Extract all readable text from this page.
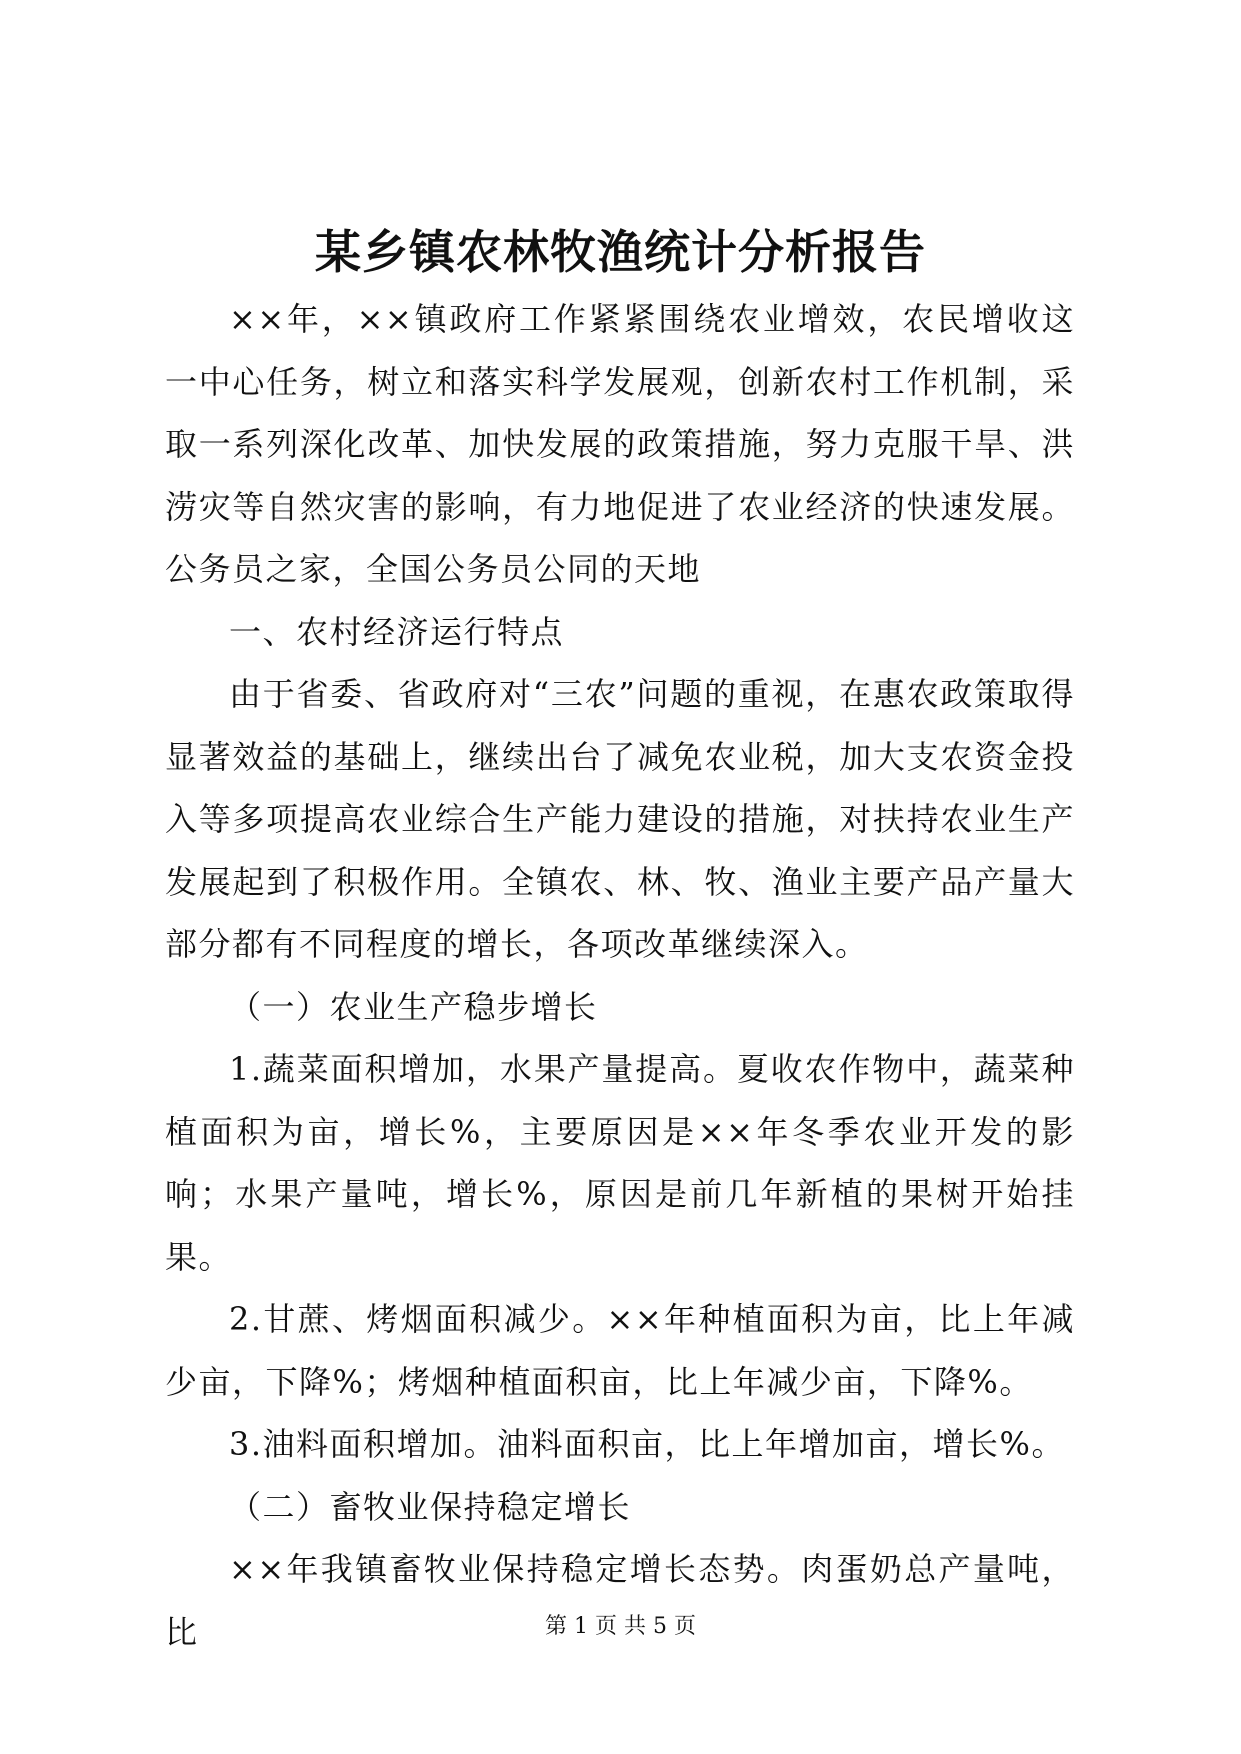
某乡镇农林牧渔统计分析报告

××年，××镇政府工作紧紧围绕农业增效，农民增收这一中心任务，树立和落实科学发展观，创新农村工作机制，采取一系列深化改革、加快发展的政策措施，努力克服干旱、洪涝灾等自然灾害的影响，有力地促进了农业经济的快速发展。公务员之家，全国公务员公同的天地

一、农村经济运行特点

由于省委、省政府对“三农”问题的重视，在惠农政策取得显著效益的基础上，继续出台了减免农业税，加大支农资金投入等多项提高农业综合生产能力建设的措施，对扶持农业生产发展起到了积极作用。全镇农、林、牧、渔业主要产品产量大部分都有不同程度的增长，各项改革继续深入。

（一）农业生产稳步增长

1.蔬菜面积增加，水果产量提高。夏收农作物中，蔬菜种植面积为亩，增长%，主要原因是××年冬季农业开发的影响；水果产量吨，增长%，原因是前几年新植的果树开始挂果。

2.甘蔗、烤烟面积减少。××年种植面积为亩，比上年减少亩，下降%；烤烟种植面积亩，比上年减少亩，下降%。

3.油料面积增加。油料面积亩，比上年增加亩，增长%。

（二）畜牧业保持稳定增长

××年我镇畜牧业保持稳定增长态势。肉蛋奶总产量吨，比	第 1 页 共 5 页
